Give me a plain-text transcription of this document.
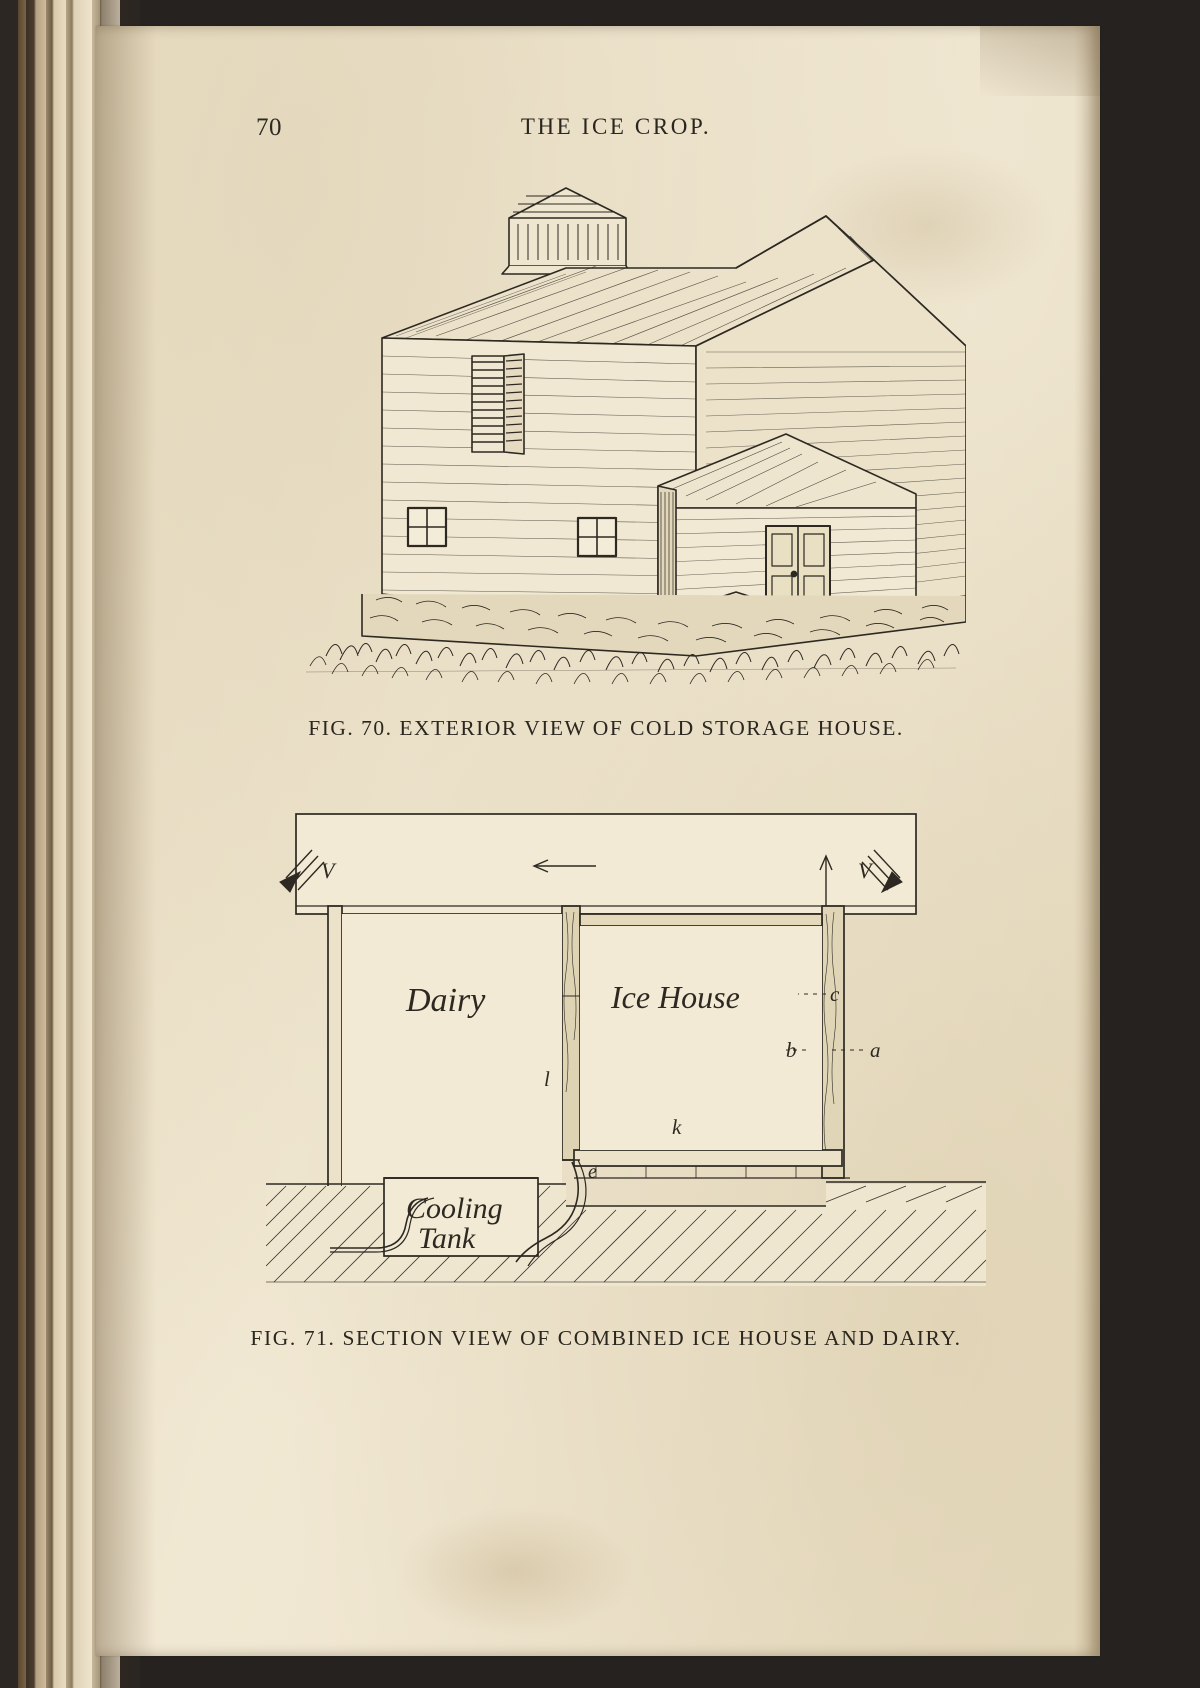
70	THE ICE CROP.
FIG. 70. EXTERIOR VIEW OF COLD STORAGE HOUSE.
V	V
Dairy	Ice House	c
b	a
l
k
e
Cooling
Tank
FIG. 71. SECTION VIEW OF COMBINED ICE HOUSE AND DAIRY.
